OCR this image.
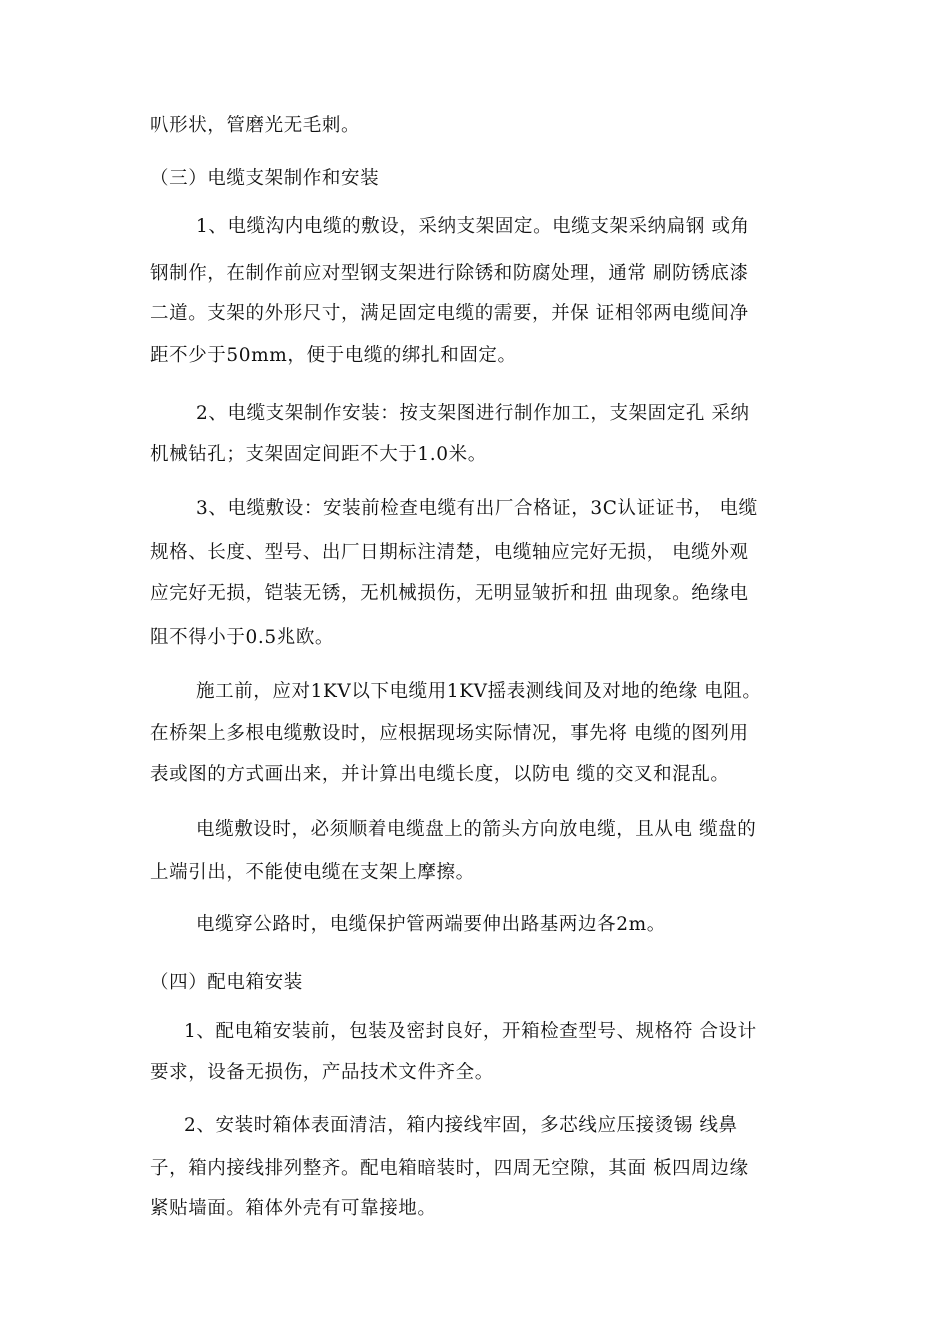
叭形状，管磨光无毛刺。
（三）电缆支架制作和安装
1、电缆沟内电缆的敷设，采纳支架固定。电缆支架采纳扁钢 或角
钢制作，在制作前应对型钢支架进行除锈和防腐处理，通常 刷防锈底漆
二道。支架的外形尺寸，满足固定电缆的需要，并保 证相邻两电缆间净
距不少于50mm，便于电缆的绑扎和固定。
2、电缆支架制作安装：按支架图进行制作加工，支架固定孔 采纳
机械钻孔；支架固定间距不大于1.0米。
3、电缆敷设：安装前检查电缆有出厂合格证，3C认证证书， 电缆
规格、长度、型号、出厂日期标注清楚，电缆轴应完好无损， 电缆外观
应完好无损，铠装无锈，无机械损伤，无明显皱折和扭 曲现象。绝缘电
阻不得小于0.5兆欧。
施工前，应对1KV以下电缆用1KV摇表测线间及对地的绝缘 电阻。
在桥架上多根电缆敷设时，应根据现场实际情况，事先将 电缆的图列用
表或图的方式画出来，并计算出电缆长度，以防电 缆的交叉和混乱。
电缆敷设时，必须顺着电缆盘上的箭头方向放电缆，且从电 缆盘的
上端引出，不能使电缆在支架上摩擦。
电缆穿公路时，电缆保护管两端要伸出路基两边各2m。
（四）配电箱安装
1、配电箱安装前，包装及密封良好，开箱检查型号、规格符 合设计
要求，设备无损伤，产品技术文件齐全。
2、安装时箱体表面清洁，箱内接线牢固，多芯线应压接烫锡 线鼻
子，箱内接线排列整齐。配电箱暗装时，四周无空隙，其面 板四周边缘
紧贴墙面。箱体外壳有可靠接地。
